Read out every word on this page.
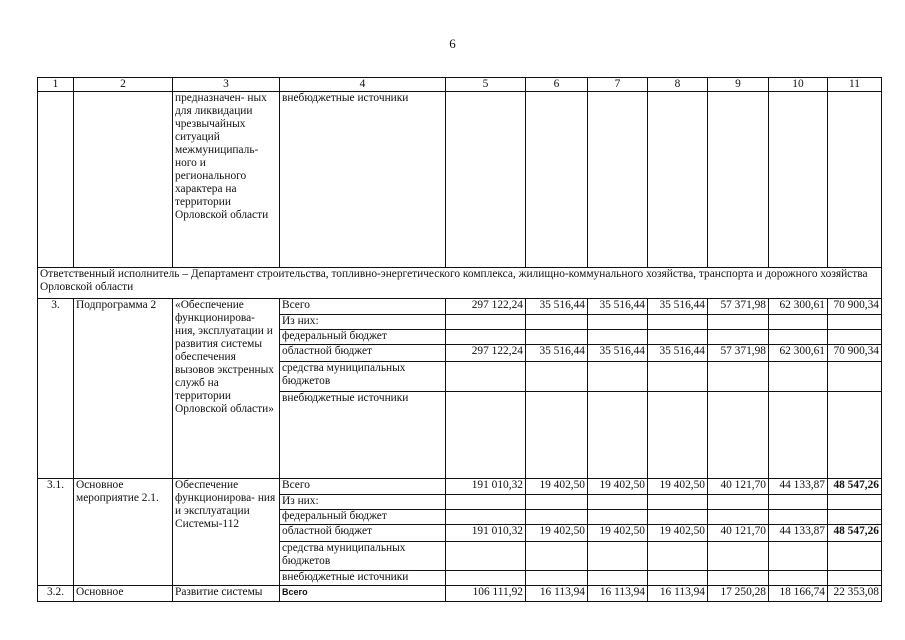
6
1	2	3	4	5	6	7	8	9	10	11
		предназначен- ных для ликвидации чрезвычайных ситуаций межмуниципаль- ного и регионального характера на территории Орловской области	внебюджетные источники							
Ответственный исполнитель – Департамент строительства, топливно-энергетического комплекса, жилищно-коммунального хозяйства, транспорта и дорожного хозяйства Орловской области										
3.	Подпрограмма 2	«Обеспечение функционирова- ния, эксплуатации и развития системы обеспечения вызовов экстренных служб на территории Орловской области»	Всего	297 122,24	35 516,44	35 516,44	35 516,44	57 371,98	62 300,61	70 900,34
			Из них:							
			федеральный бюджет							
			областной бюджет	297 122,24	35 516,44	35 516,44	35 516,44	57 371,98	62 300,61	70 900,34
			средства муниципальных бюджетов							
			внебюджетные источники							
3.1.	Основное мероприятие 2.1.	Обеспечение функционирова- ния и эксплуатации Системы-112	Всего	191 010,32	19 402,50	19 402,50	19 402,50	40 121,70	44 133,87	48 547,26
			Из них:							
			федеральный бюджет							
			областной бюджет	191 010,32	19 402,50	19 402,50	19 402,50	40 121,70	44 133,87	48 547,26
			средства муниципальных бюджетов							
			внебюджетные источники							
3.2.	Основное	Развитие системы	Всего	106 111,92	16 113,94	16 113,94	16 113,94	17 250,28	18 166,74	22 353,08
